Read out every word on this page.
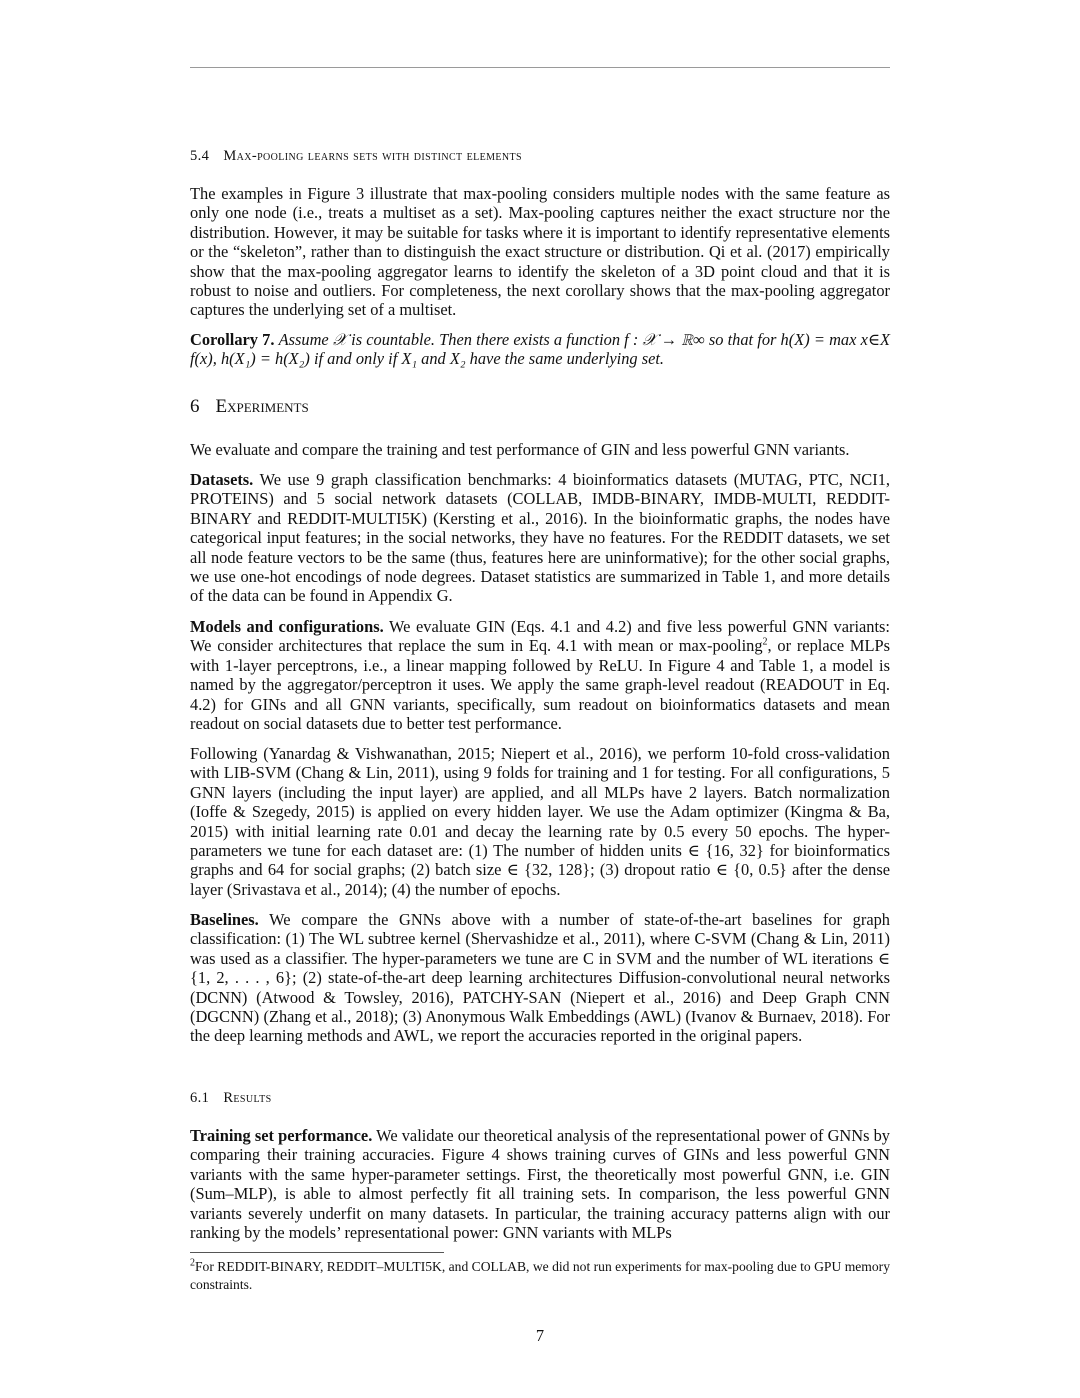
5.4 Max-pooling learns sets with distinct elements

The examples in Figure 3 illustrate that max-pooling considers multiple nodes with the same feature as only one node (i.e., treats a multiset as a set). Max-pooling captures neither the exact structure nor the distribution. However, it may be suitable for tasks where it is important to identify representative elements or the “skeleton”, rather than to distinguish the exact structure or distribution. Qi et al. (2017) empirically show that the max-pooling aggregator learns to identify the skeleton of a 3D point cloud and that it is robust to noise and outliers. For completeness, the next corollary shows that the max-pooling aggregator captures the underlying set of a multiset.

Corollary 7. Assume 𝒳 is countable. Then there exists a function f : 𝒳 → ℝ∞ so that for h(X) = max x∈X f(x), h(X₁) = h(X₂) if and only if X₁ and X₂ have the same underlying set.

6 Experiments

We evaluate and compare the training and test performance of GIN and less powerful GNN variants.

Datasets. We use 9 graph classification benchmarks: 4 bioinformatics datasets (MUTAG, PTC, NCI1, PROTEINS) and 5 social network datasets (COLLAB, IMDB-BINARY, IMDB-MULTI, REDDIT-BINARY and REDDIT-MULTI5K) (Kersting et al., 2016). In the bioinformatic graphs, the nodes have categorical input features; in the social networks, they have no features. For the REDDIT datasets, we set all node feature vectors to be the same (thus, features here are uninformative); for the other social graphs, we use one-hot encodings of node degrees. Dataset statistics are summarized in Table 1, and more details of the data can be found in Appendix G.

Models and configurations. We evaluate GIN (Eqs. 4.1 and 4.2) and five less powerful GNN variants: We consider architectures that replace the sum in Eq. 4.1 with mean or max-pooling$^2$, or replace MLPs with 1-layer perceptrons, i.e., a linear mapping followed by ReLU. In Figure 4 and Table 1, a model is named by the aggregator/perceptron it uses. We apply the same graph-level readout (READOUT in Eq. 4.2) for GINs and all GNN variants, specifically, sum readout on bioinformatics datasets and mean readout on social datasets due to better test performance.

Following (Yanardag & Vishwanathan, 2015; Niepert et al., 2016), we perform 10-fold cross-validation with LIB-SVM (Chang & Lin, 2011), using 9 folds for training and 1 for testing. For all configurations, 5 GNN layers (including the input layer) are applied, and all MLPs have 2 layers. Batch normalization (Ioffe & Szegedy, 2015) is applied on every hidden layer. We use the Adam optimizer (Kingma & Ba, 2015) with initial learning rate 0.01 and decay the learning rate by 0.5 every 50 epochs. The hyper-parameters we tune for each dataset are: (1) The number of hidden units ∈ {16, 32} for bioinformatics graphs and 64 for social graphs; (2) batch size ∈ {32, 128}; (3) dropout ratio ∈ {0, 0.5} after the dense layer (Srivastava et al., 2014); (4) the number of epochs.

Baselines. We compare the GNNs above with a number of state-of-the-art baselines for graph classification: (1) The WL subtree kernel (Shervashidze et al., 2011), where C-SVM (Chang & Lin, 2011) was used as a classifier. The hyper-parameters we tune are C in SVM and the number of WL iterations ∈ {1, 2, . . . , 6}; (2) state-of-the-art deep learning architectures Diffusion-convolutional neural networks (DCNN) (Atwood & Towsley, 2016), PATCHY-SAN (Niepert et al., 2016) and Deep Graph CNN (DGCNN) (Zhang et al., 2018); (3) Anonymous Walk Embeddings (AWL) (Ivanov & Burnaev, 2018). For the deep learning methods and AWL, we report the accuracies reported in the original papers.

6.1 Results

Training set performance. We validate our theoretical analysis of the representational power of GNNs by comparing their training accuracies. Figure 4 shows training curves of GINs and less powerful GNN variants with the same hyper-parameter settings. First, the theoretically most powerful GNN, i.e. GIN (Sum–MLP), is able to almost perfectly fit all training sets. In comparison, the less powerful GNN variants severely underfit on many datasets. In particular, the training accuracy patterns align with our ranking by the models’ representational power: GNN variants with MLPs

$^2$For REDDIT-BINARY, REDDIT–MULTI5K, and COLLAB, we did not run experiments for max-pooling due to GPU memory constraints.
7
